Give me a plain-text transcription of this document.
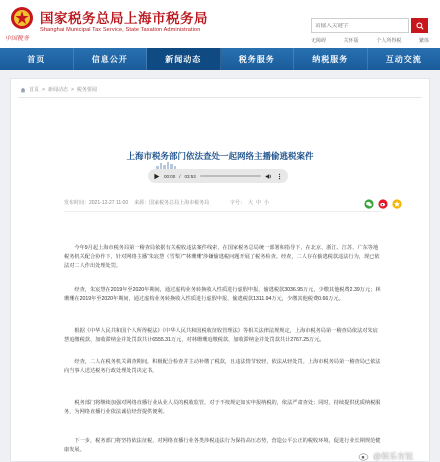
国家税务总局上海市税务局
Shanghai Municipal Tax Service, State Taxation Administration
中国税务
请输入关键字	无障碍	关怀版	个人所得税	繁体
首页	信息公开	新闻动态	税务服务	纳税服务	互动交流
首页 > 新闻动态 > 税务要闻
上海市税务部门依法查处一起网络主播偷逃税案件
00:00 / 03:53
发布时间：2021-12-27 11:00 来源：国家税务总局上海市税务局	字号： 大 中 小

今年9月起上海市税务局第一稽查局依据有关税收违法案件线索，在国家税务总局统一部署和指导下，在北京、浙江、江苏、广东等地税务机关配合协作下，针对网络主播“朱宸慧（雪梨）”“林珊珊”涉嫌偷逃税问题开展了税务检查。经查，二人存在偷逃税款违法行为，现已依法对二人作出处理处罚。

经查，朱宸慧在2019年至2020年期间，通过虚构业务转换收入性质进行虚假申报，偷逃税款3036.95万元，少缴其他税费2.39万元；林珊珊在2019年至2020年期间，通过虚构业务转换收入性质进行虚假申报，偷逃税款1311.94万元，少缴其他税费0.66万元。

根据《中华人民共和国个人所得税法》《中华人民共和国税收征收管理法》等相关法律法规规定，上海市税务局第一稽查局依法对朱宸慧追缴税款、加收滞纳金并处罚款共计6555.31万元，对林珊珊追缴税款、加收滞纳金并处罚款共计2767.25万元。

经查，二人在税务机关调查期间，积极配合检查并主动补缴了税款，且违法情节较轻，依法从轻处罚。上海市税务局第一稽查局已依法向当事人送达税务行政处理处罚决定书。

税务部门将继续加强对网络直播行业从业人员的税收监管，对于不按规定如实申报纳税的，依法严肃查处；同时，持续提供优质纳税服务，为网络直播行业依法诚信经营提供便利。

下一步，税务部门将坚持依法征税，对网络直播行业各类涉税违法行为保持高压态势，营造公平公正的税收环境，促进行业长期规范健康发展。

@娱乐有饭
